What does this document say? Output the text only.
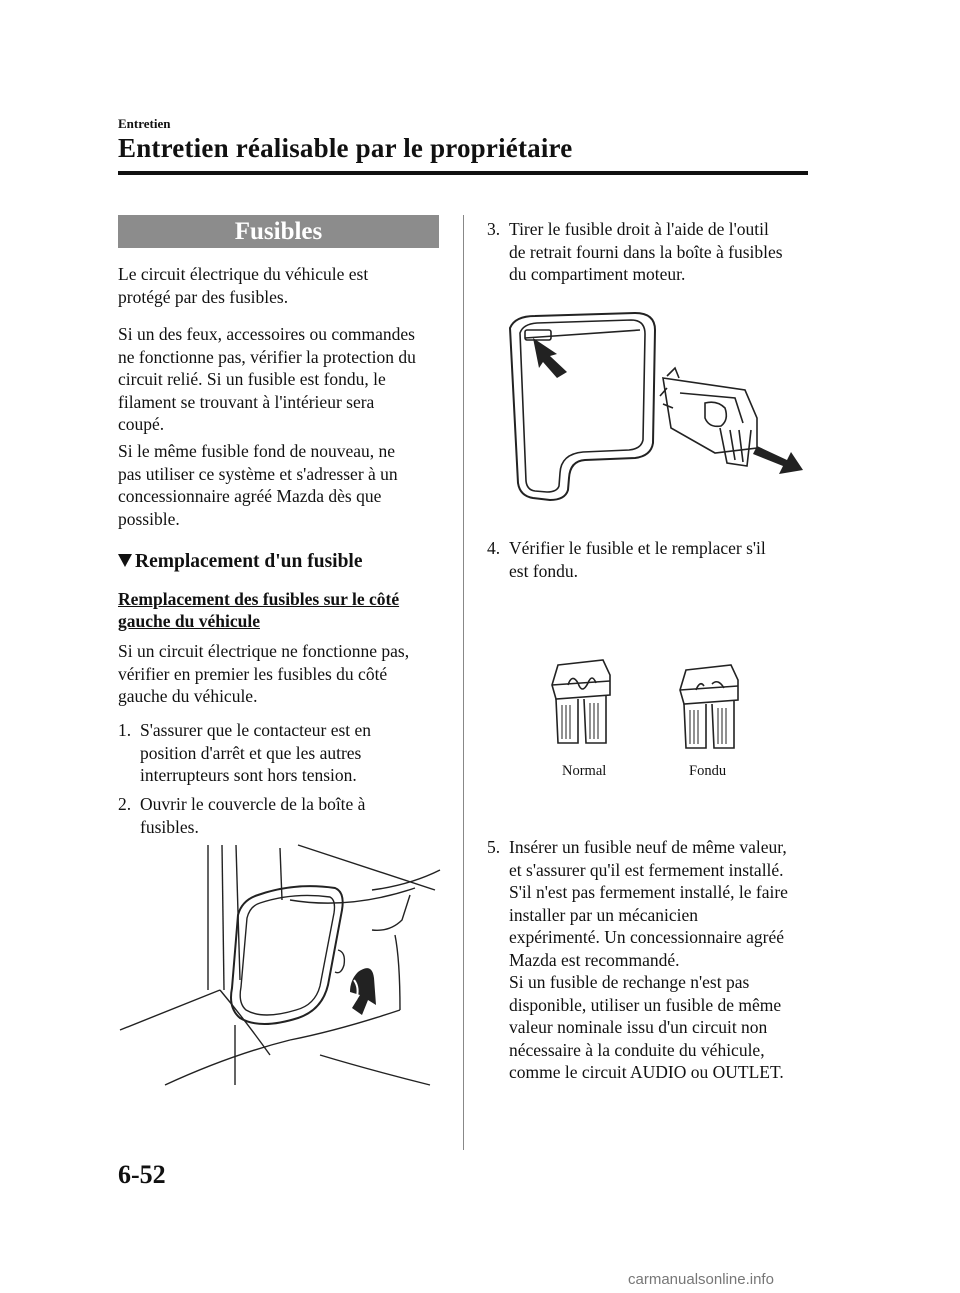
Entretien
Entretien réalisable par le propriétaire
Fusibles
Le circuit électrique du véhicule est
protégé par des fusibles.
Si un des feux, accessoires ou commandes
ne fonctionne pas, vérifier la protection du
circuit relié. Si un fusible est fondu, le
filament se trouvant à l'intérieur sera
coupé.
Si le même fusible fond de nouveau, ne
pas utiliser ce système et s'adresser à un
concessionnaire agréé Mazda dès que
possible.
Remplacement d'un fusible
Remplacement des fusibles sur le côté
gauche du véhicule
Si un circuit électrique ne fonctionne pas,
vérifier en premier les fusibles du côté
gauche du véhicule.
1. S'assurer que le contacteur est en
position d'arrêt et que les autres
interrupteurs sont hors tension.
2. Ouvrir le couvercle de la boîte à
fusibles.
3. Tirer le fusible droit à l'aide de l'outil
de retrait fourni dans la boîte à fusibles
du compartiment moteur.
4. Vérifier le fusible et le remplacer s'il
est fondu.
Normal	Fondu
5. Insérer un fusible neuf de même valeur,
et s'assurer qu'il est fermement installé.
S'il n'est pas fermement installé, le faire
installer par un mécanicien
expérimenté. Un concessionnaire agréé
Mazda est recommandé.
Si un fusible de rechange n'est pas
disponible, utiliser un fusible de même
valeur nominale issu d'un circuit non
nécessaire à la conduite du véhicule,
comme le circuit AUDIO ou OUTLET.
6-52
carmanualsonline.info
